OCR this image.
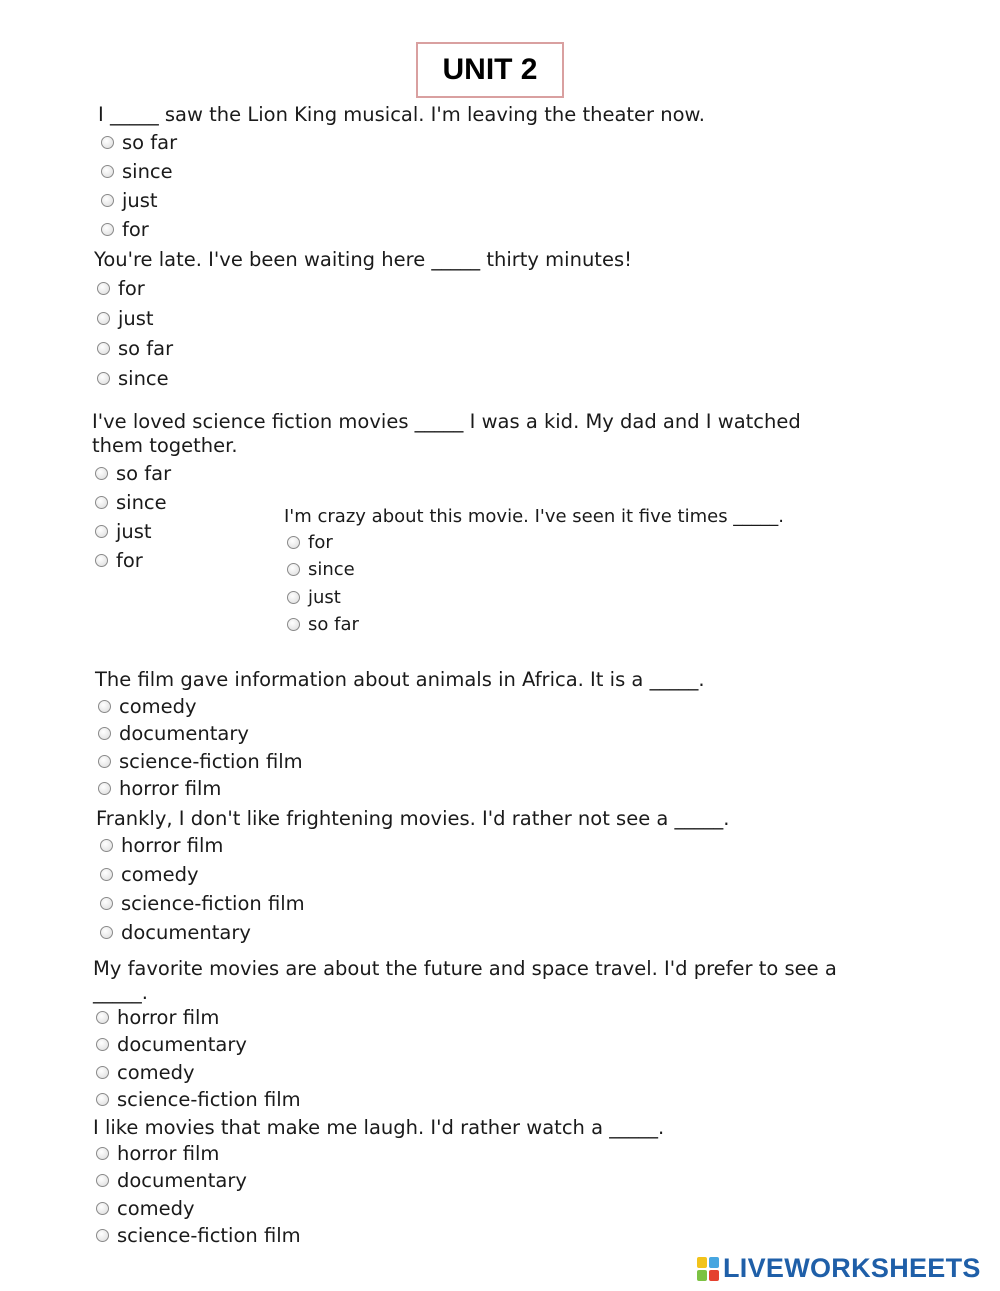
UNIT 2

I _____ saw the Lion King musical. I'm leaving the theater now.

so far
since
just
for

You're late. I've been waiting here _____ thirty minutes!

for
just
so far
since

I've loved science fiction movies _____ I was a kid. My dad and I watched them together.

so far
since
just
for

I'm crazy about this movie. I've seen it five times _____.

for
since
just
so far

The film gave information about animals in Africa. It is a _____.

comedy
documentary
science-fiction film
horror film

Frankly, I don't like frightening movies. I'd rather not see a _____.

horror film
comedy
science-fiction film
documentary

My favorite movies are about the future and space travel. I'd prefer to see a _____.

horror film
documentary
comedy
science-fiction film

I like movies that make me laugh. I'd rather watch a _____.

horror film
documentary
comedy
science-fiction film
LIVEWORKSHEETS
